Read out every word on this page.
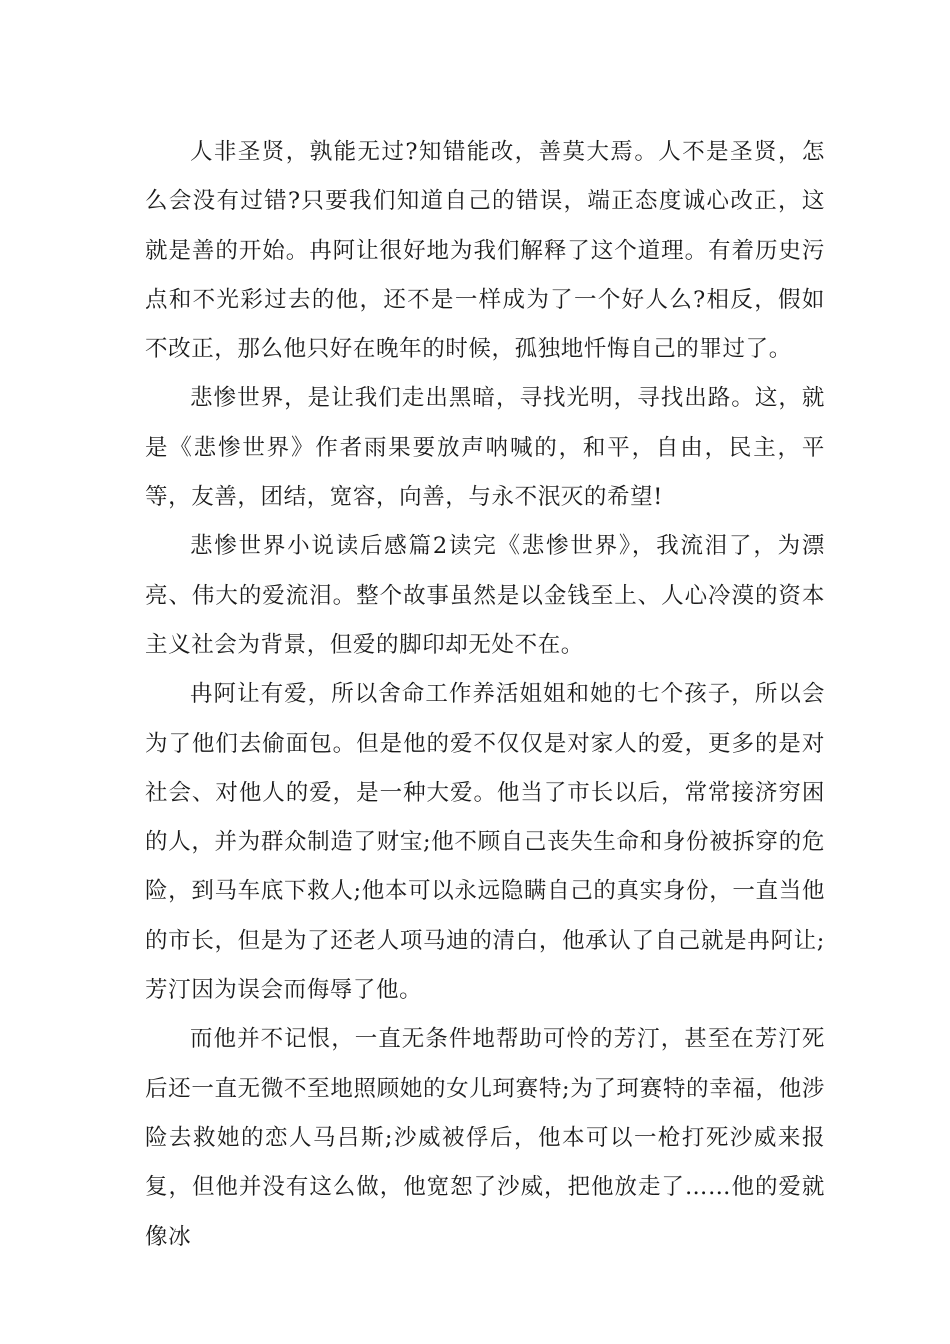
人非圣贤，孰能无过?知错能改，善莫大焉。人不是圣贤，怎么会没有过错?只要我们知道自己的错误，端正态度诚心改正，这就是善的开始。冉阿让很好地为我们解释了这个道理。有着历史污点和不光彩过去的他，还不是一样成为了一个好人么?相反，假如不改正，那么他只好在晚年的时候，孤独地忏悔自己的罪过了。

悲惨世界，是让我们走出黑暗，寻找光明，寻找出路。这，就是《悲惨世界》作者雨果要放声呐喊的，和平，自由，民主，平等，友善，团结，宽容，向善，与永不泯灭的希望!

悲惨世界小说读后感篇2读完《悲惨世界》，我流泪了，为漂亮、伟大的爱流泪。整个故事虽然是以金钱至上、人心冷漠的资本主义社会为背景，但爱的脚印却无处不在。

冉阿让有爱，所以舍命工作养活姐姐和她的七个孩子，所以会为了他们去偷面包。但是他的爱不仅仅是对家人的爱，更多的是对社会、对他人的爱，是一种大爱。他当了市长以后，常常接济穷困的人，并为群众制造了财宝;他不顾自己丧失生命和身份被拆穿的危险，到马车底下救人;他本可以永远隐瞒自己的真实身份，一直当他的市长，但是为了还老人项马迪的清白，他承认了自己就是冉阿让;芳汀因为误会而侮辱了他。

而他并不记恨，一直无条件地帮助可怜的芳汀，甚至在芳汀死后还一直无微不至地照顾她的女儿珂赛特;为了珂赛特的幸福，他涉险去救她的恋人马吕斯;沙威被俘后，他本可以一枪打死沙威来报复，但他并没有这么做，他宽恕了沙威，把他放走了……他的爱就像冰
